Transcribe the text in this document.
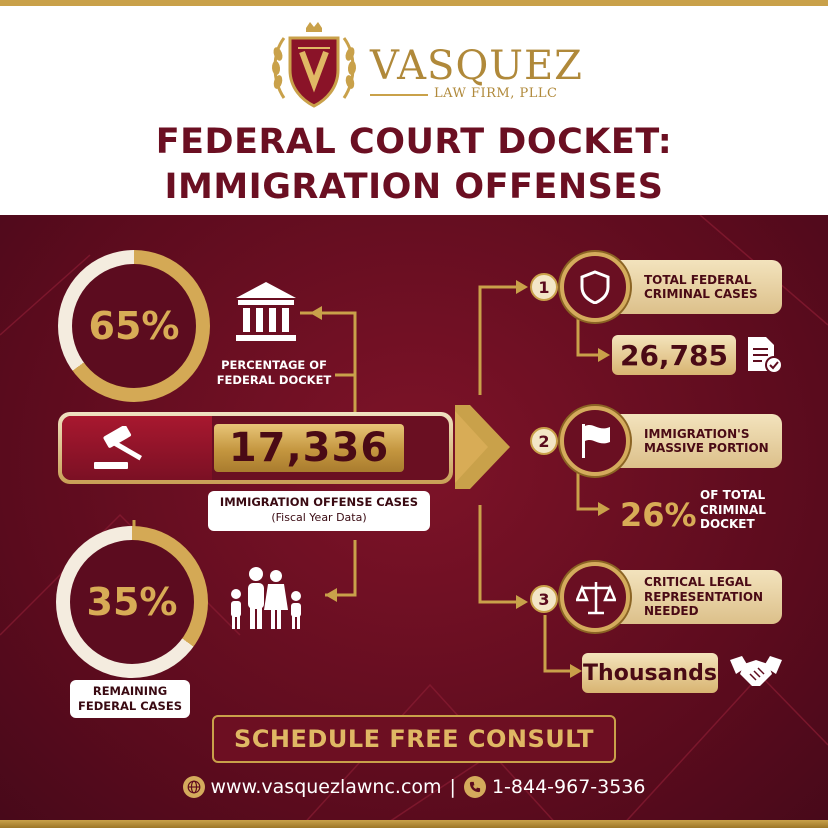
VASQUEZ
LAW FIRM, PLLC
FEDERAL COURT DOCKET:
IMMIGRATION OFFENSES
65%
PERCENTAGE OF
FEDERAL DOCKET
17,336
IMMIGRATION OFFENSE CASES
(Fiscal Year Data)
35%
REMAINING
FEDERAL CASES
TOTAL FEDERAL
CRIMINAL CASES
1
26,785
IMMIGRATION'S
MASSIVE PORTION
2
26%
OF TOTAL
CRIMINAL
DOCKET
CRITICAL LEGAL
REPRESENTATION
NEEDED
3
Thousands
SCHEDULE FREE CONSULT
www.vasquezlawnc.com | 1-844-967-3536
